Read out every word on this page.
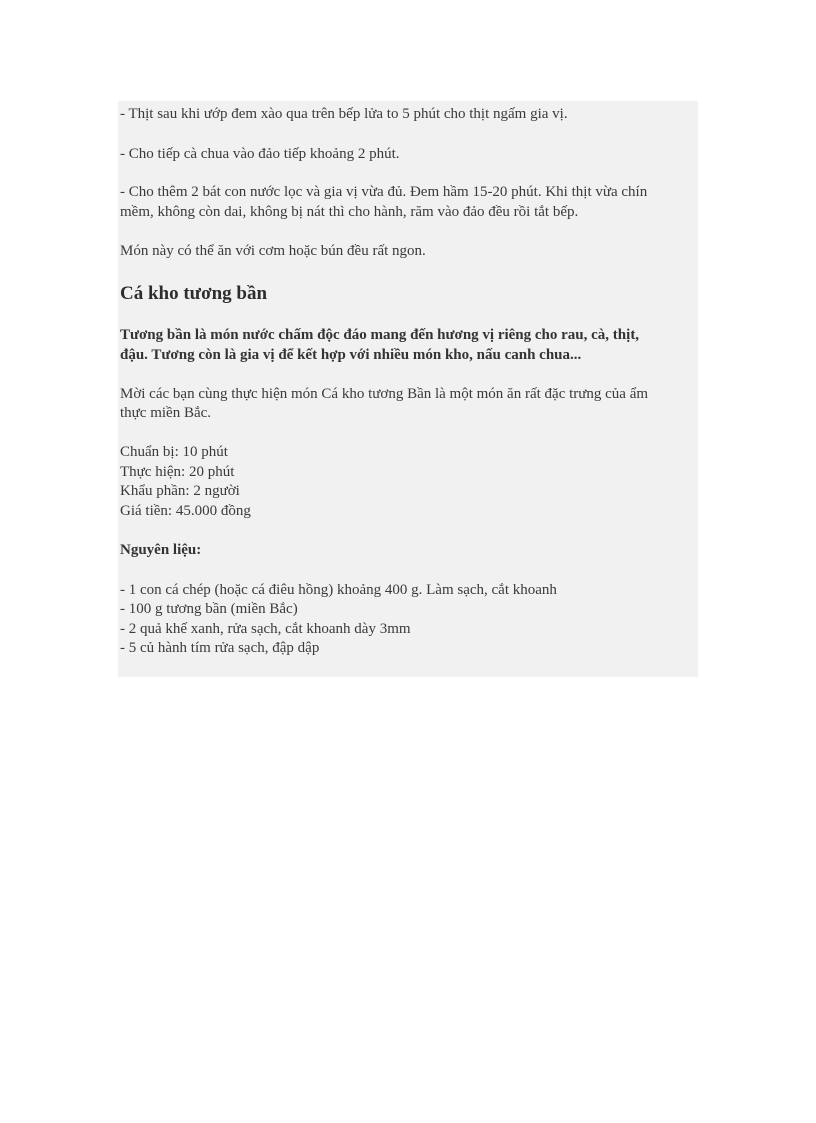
- Thịt sau khi ướp đem xào qua trên bếp lửa to 5 phút cho thịt ngấm gia vị.
- Cho tiếp cà chua vào đảo tiếp khoảng 2 phút.
- Cho thêm 2 bát con nước lọc và gia vị vừa đủ. Đem hầm 15-20 phút. Khi thịt vừa chín
mềm, không còn dai, không bị nát thì cho hành, răm vào đảo đều rồi tắt bếp.
Món này có thể ăn với cơm hoặc bún đều rất ngon.
Cá kho tương bần
Tương bần là món nước chấm độc đáo mang đến hương vị riêng cho rau, cà, thịt,
đậu. Tương còn là gia vị để kết hợp với nhiều món kho, nấu canh chua...
Mời các bạn cùng thực hiện món Cá kho tương Bần là một món ăn rất đặc trưng của ẩm
thực miền Bắc.
Chuẩn bị: 10 phút
Thực hiện: 20 phút
Khẩu phần: 2 người
Giá tiền: 45.000 đồng
Nguyên liệu:
- 1 con cá chép (hoặc cá điêu hồng) khoảng 400 g. Làm sạch, cắt khoanh
- 100 g tương bần (miền Bắc)
- 2 quả khế xanh, rửa sạch, cắt khoanh dày 3mm
- 5 củ hành tím rửa sạch, đập dập
